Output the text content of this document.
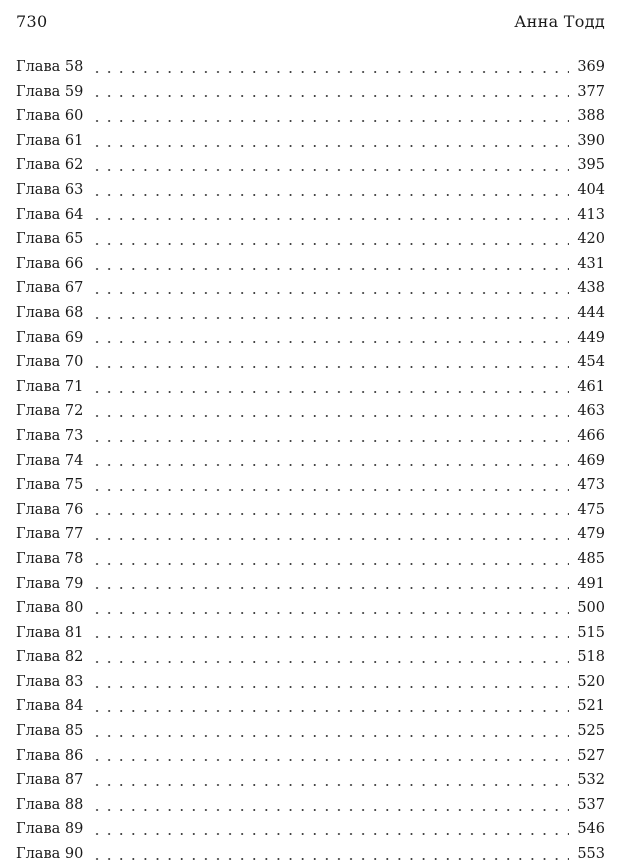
730	Анна Тодд
Глава 58	369
Глава 59	377
Глава 60	388
Глава 61	390
Глава 62	395
Глава 63	404
Глава 64	413
Глава 65	420
Глава 66	431
Глава 67	438
Глава 68	444
Глава 69	449
Глава 70	454
Глава 71	461
Глава 72	463
Глава 73	466
Глава 74	469
Глава 75	473
Глава 76	475
Глава 77	479
Глава 78	485
Глава 79	491
Глава 80	500
Глава 81	515
Глава 82	518
Глава 83	520
Глава 84	521
Глава 85	525
Глава 86	527
Глава 87	532
Глава 88	537
Глава 89	546
Глава 90	553
